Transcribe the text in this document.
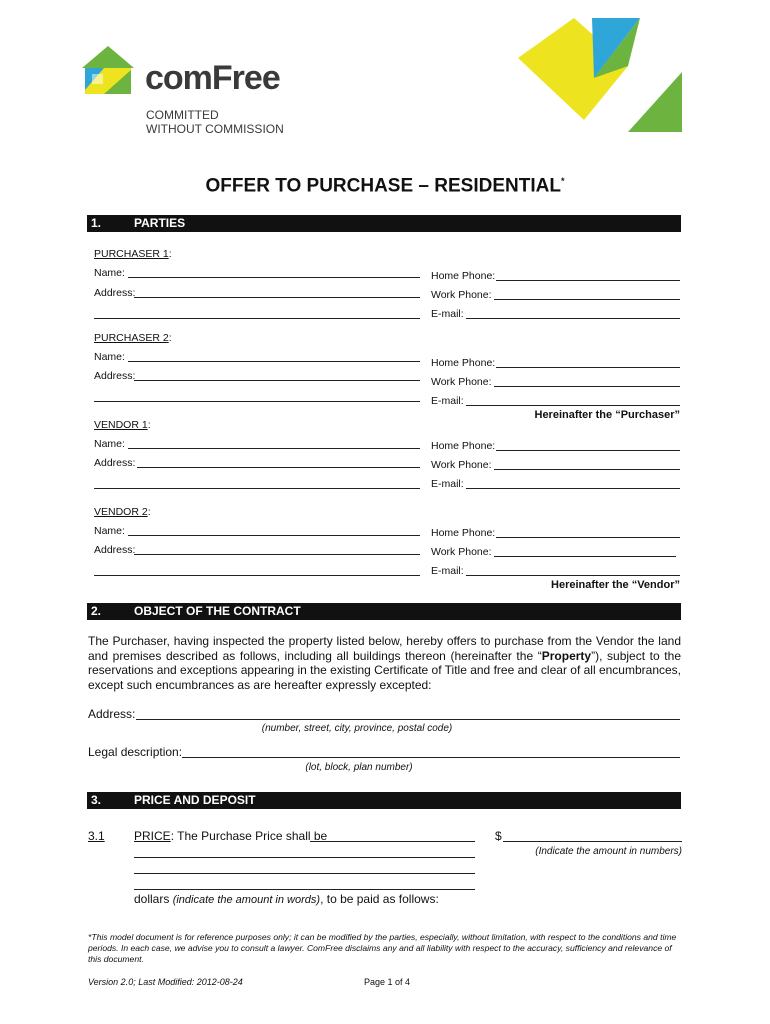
comFree
COMMITTED
WITHOUT COMMISSION
OFFER TO PURCHASE – RESIDENTIAL*
1.	PARTIES
PURCHASER 1:
Name:
Address:
Home Phone:
Work Phone:
E-mail:
PURCHASER 2:
Name:
Address:
Home Phone:
Work Phone:
E-mail:
Hereinafter the “Purchaser”
VENDOR 1:
Name:
Address:
Home Phone:
Work Phone:
E-mail:
VENDOR 2:
Name:
Address:
Home Phone:
Work Phone:
E-mail:
Hereinafter the “Vendor”
2.	OBJECT OF THE CONTRACT
The Purchaser, having inspected the property listed below, hereby offers to purchase from the Vendor the land and premises described as follows, including all buildings thereon (hereinafter the “Property”), subject to the reservations and exceptions appearing in the existing Certificate of Title and free and clear of all encumbrances, except such encumbrances as are hereafter expressly excepted:
Address:
(number, street, city, province, postal code)
Legal description:
(lot, block, plan number)
3.	PRICE AND DEPOSIT
3.1 PRICE: The Purchase Price shall be	$
(Indicate the amount in numbers)
dollars (indicate the amount in words), to be paid as follows:
*This model document is for reference purposes only; it can be modified by the parties, especially, without limitation, with respect to the conditions and time periods. In each case, we advise you to consult a lawyer. ComFree disclaims any and all liability with respect to the accuracy, sufficiency and relevance of this document.
Version 2.0; Last Modified: 2012-08-24	Page 1 of 4
